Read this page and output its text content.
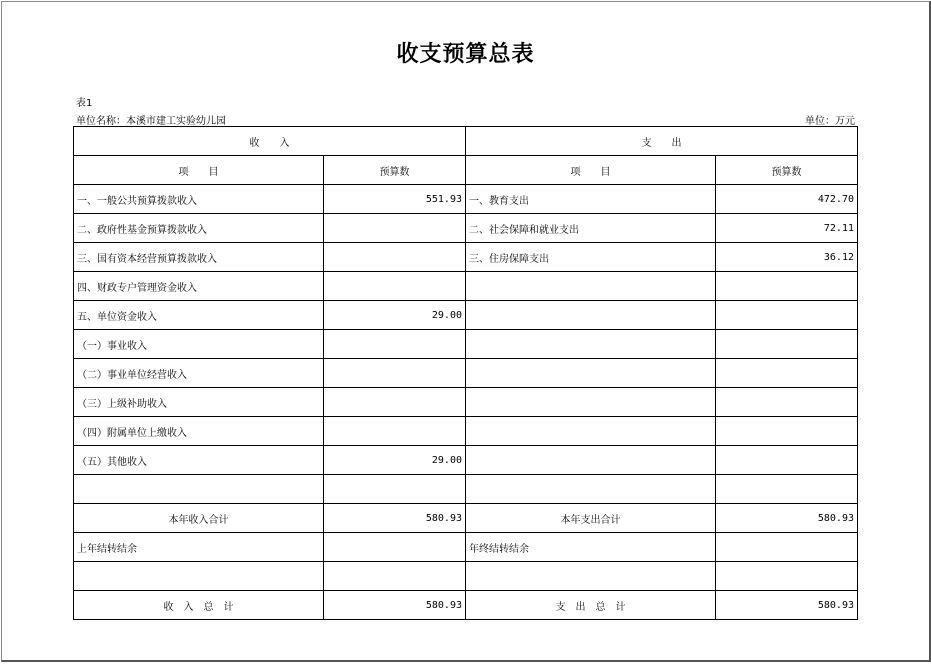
收支预算总表
表1
单位名称：本溪市建工实验幼儿园	单位：万元
收　　入		支　　出	
项　　目	预算数	项　　目	预算数
一、一般公共预算拨款收入	551.93	一、教育支出	472.70
二、政府性基金预算拨款收入		二、社会保障和就业支出	72.11
三、国有资本经营预算拨款收入		三、住房保障支出	36.12
四、财政专户管理资金收入			
五、单位资金收入	29.00		
（一）事业收入			
（二）事业单位经营收入			
（三）上级补助收入			
（四）附属单位上缴收入			
（五）其他收入	29.00		

本年收入合计	580.93	本年支出合计	580.93
上年结转结余		年终结转结余	

收　入　总　计	580.93	支　出　总　计	580.93
